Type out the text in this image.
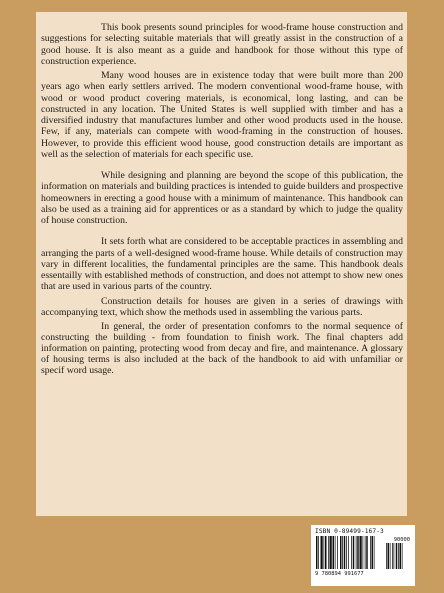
This book presents sound principles for wood-frame house construction and suggestions for selecting suitable materials that will greatly assist in the construction of a good house. It is also meant as a guide and handbook for those without this type of construction experience.

Many wood houses are in existence today that were built more than 200 years ago when early settlers arrived. The modern conventional wood-frame house, with wood or wood product covering materials, is economical, long lasting, and can be constructed in any location. The United States is well supplied with timber and has a diversified industry that manufactures lumber and other wood products used in the house. Few, if any, materials can compete with wood-framing in the construction of houses. However, to provide this efficient wood house, good construction details are important as well as the selection of materials for each specific use.

While designing and planning are beyond the scope of this publication, the information on materials and building practices is intended to guide builders and prospective homeowners in erecting a good house with a minimum of maintenance. This handbook can also be used as a training aid for apprentices or as a standard by which to judge the quality of house construction.

It sets forth what are considered to be acceptable practices in assembling and arranging the parts of a well-designed wood-frame house. While details of construction may vary in different localities, the fundamental principles are the same. This handbook deals essentailly with established methods of construction, and does not attempt to show new ones that are used in various parts of the country.

Construction details for houses are given in a series of drawings with accompanying text, which show the methods used in assembling the various parts.

In general, the order of presentation confomrs to the normal sequence of constructing the building - from foundation to finish work. The final chapters add information on painting, protecting wood from decay and fire, and maintenance. A glossary of housing terms is also included at the back of the handbook to aid with unfamiliar or specif word usage.

ISBN 0-89499-167-3
90000
9 780894 991677
